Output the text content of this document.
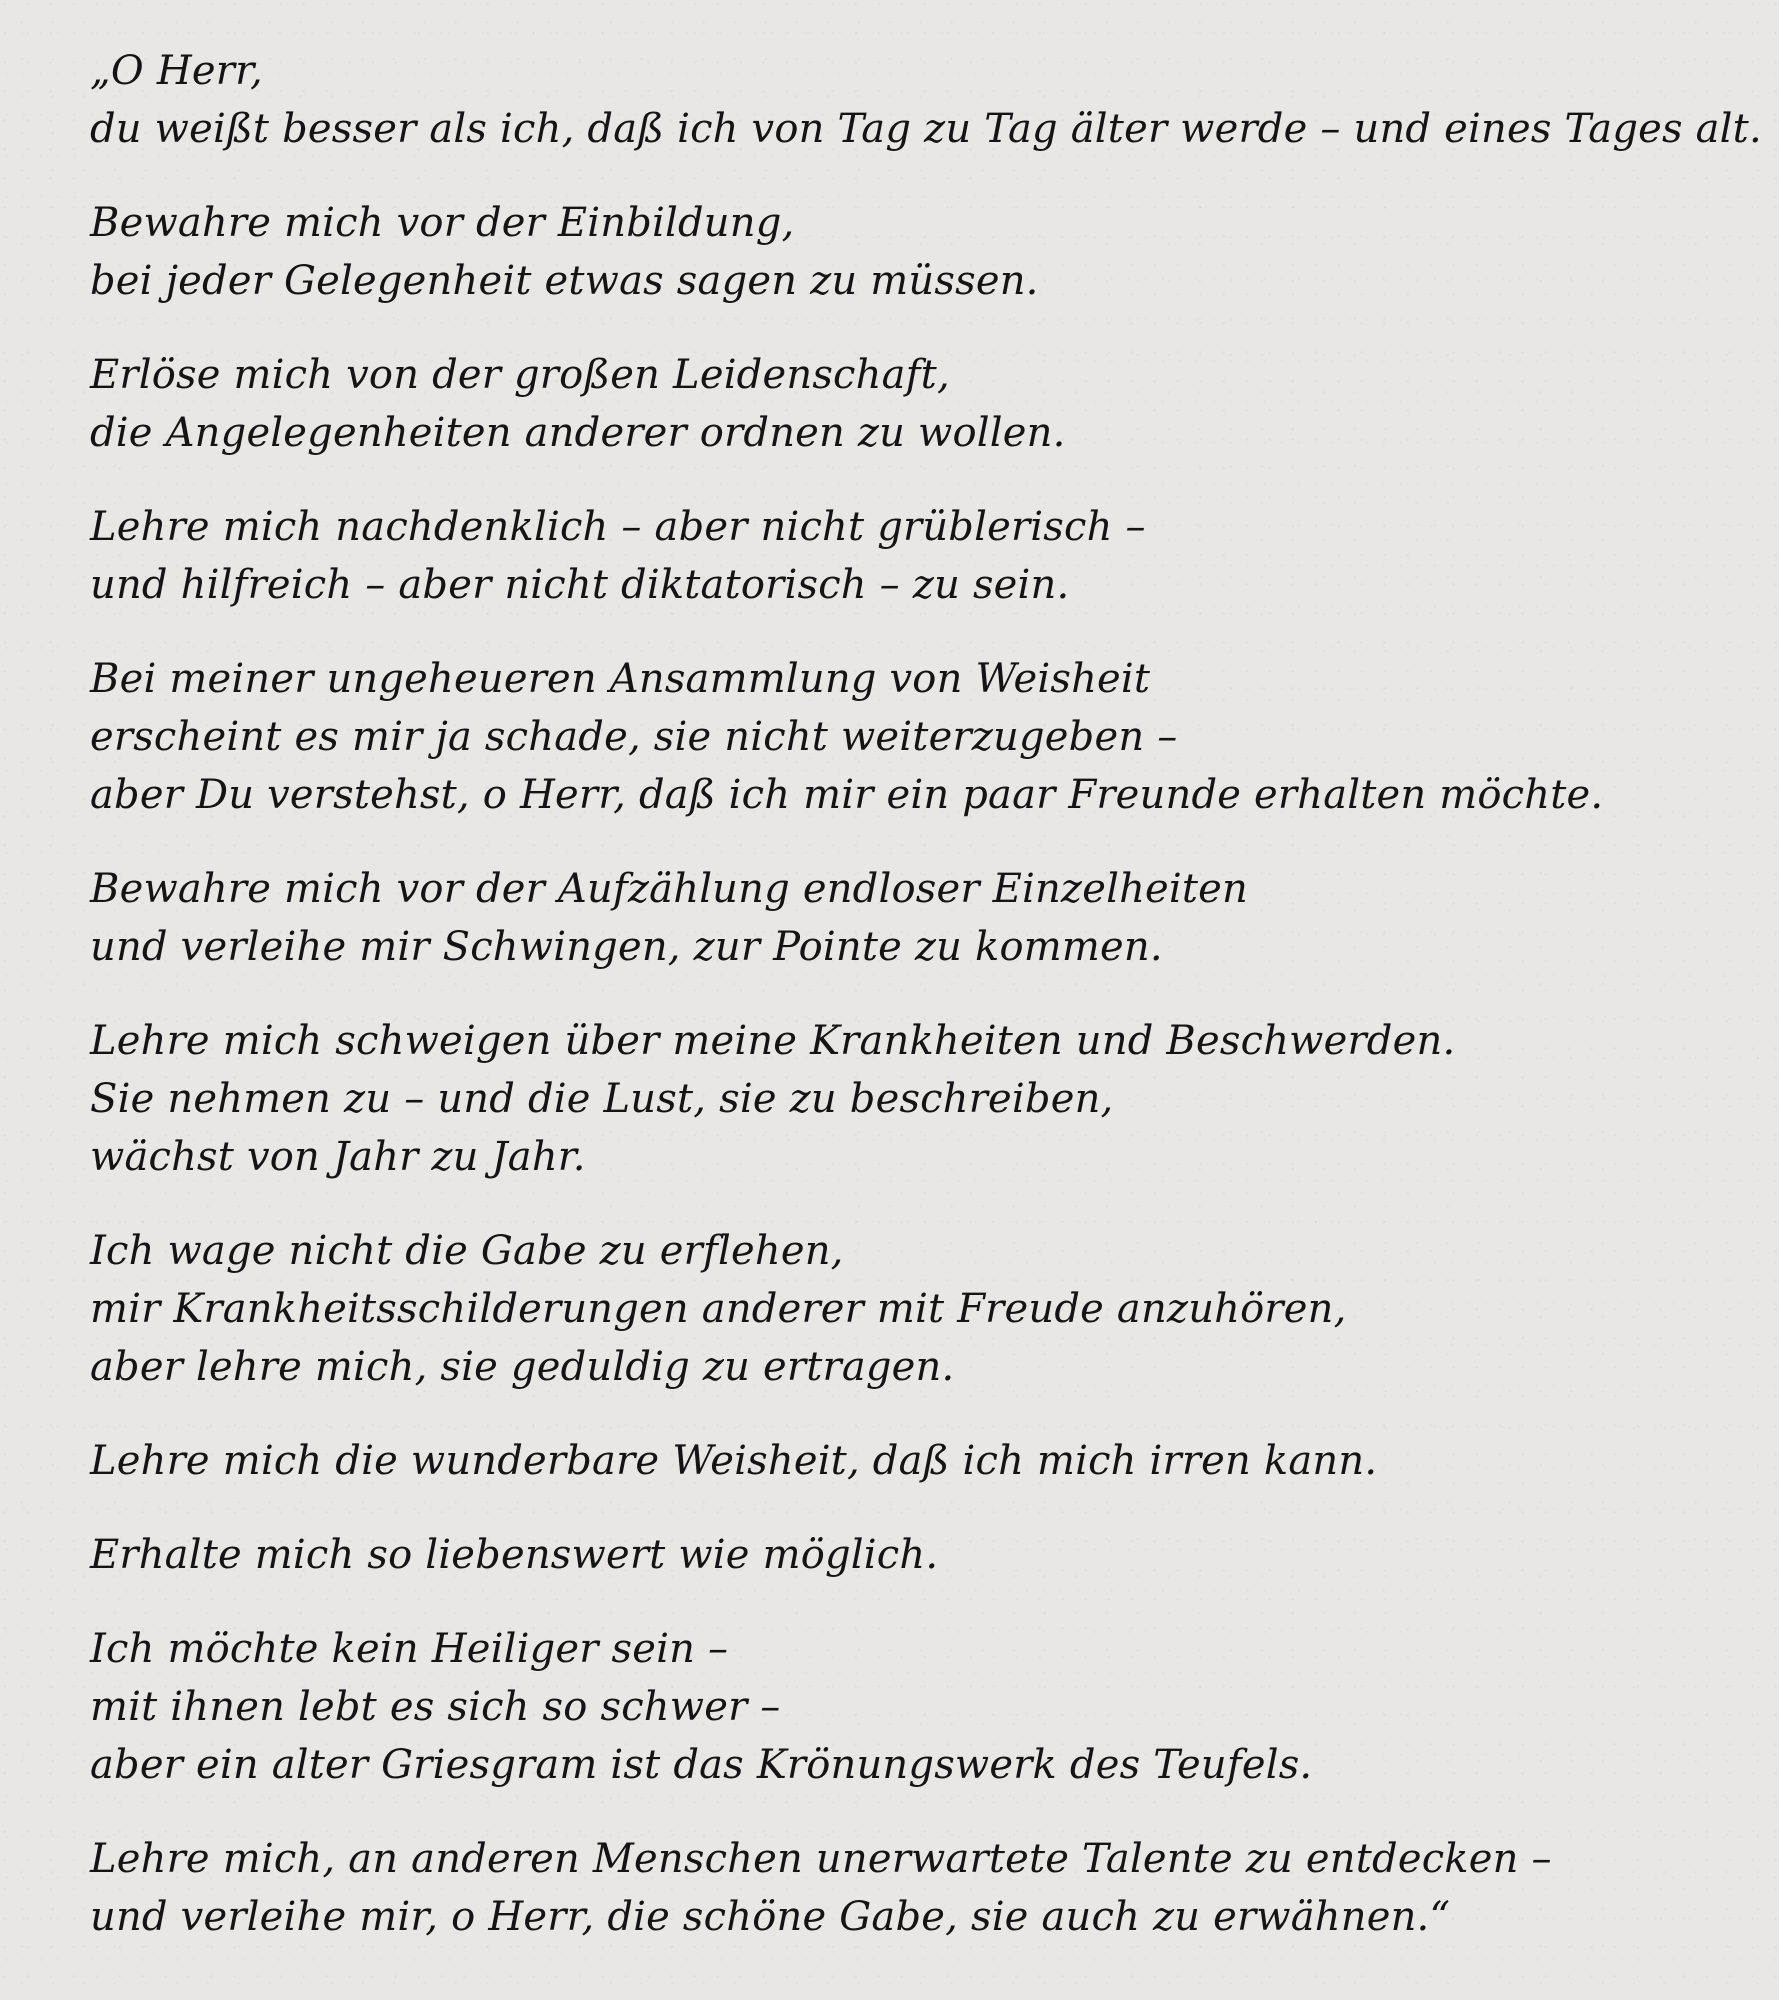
„O Herr,
du weißt besser als ich, daß ich von Tag zu Tag älter werde – und eines Tages alt.
Bewahre mich vor der Einbildung,
bei jeder Gelegenheit etwas sagen zu müssen.
Erlöse mich von der großen Leidenschaft,
die Angelegenheiten anderer ordnen zu wollen.
Lehre mich nachdenklich – aber nicht grüblerisch –
und hilfreich – aber nicht diktatorisch – zu sein.
Bei meiner ungeheueren Ansammlung von Weisheit
erscheint es mir ja schade, sie nicht weiterzugeben –
aber Du verstehst, o Herr, daß ich mir ein paar Freunde erhalten möchte.
Bewahre mich vor der Aufzählung endloser Einzelheiten
und verleihe mir Schwingen, zur Pointe zu kommen.
Lehre mich schweigen über meine Krankheiten und Beschwerden.
Sie nehmen zu – und die Lust, sie zu beschreiben,
wächst von Jahr zu Jahr.
Ich wage nicht die Gabe zu erflehen,
mir Krankheitsschilderungen anderer mit Freude anzuhören,
aber lehre mich, sie geduldig zu ertragen.
Lehre mich die wunderbare Weisheit, daß ich mich irren kann.
Erhalte mich so liebenswert wie möglich.
Ich möchte kein Heiliger sein –
mit ihnen lebt es sich so schwer –
aber ein alter Griesgram ist das Krönungswerk des Teufels.
Lehre mich, an anderen Menschen unerwartete Talente zu entdecken –
und verleihe mir, o Herr, die schöne Gabe, sie auch zu erwähnen.“
